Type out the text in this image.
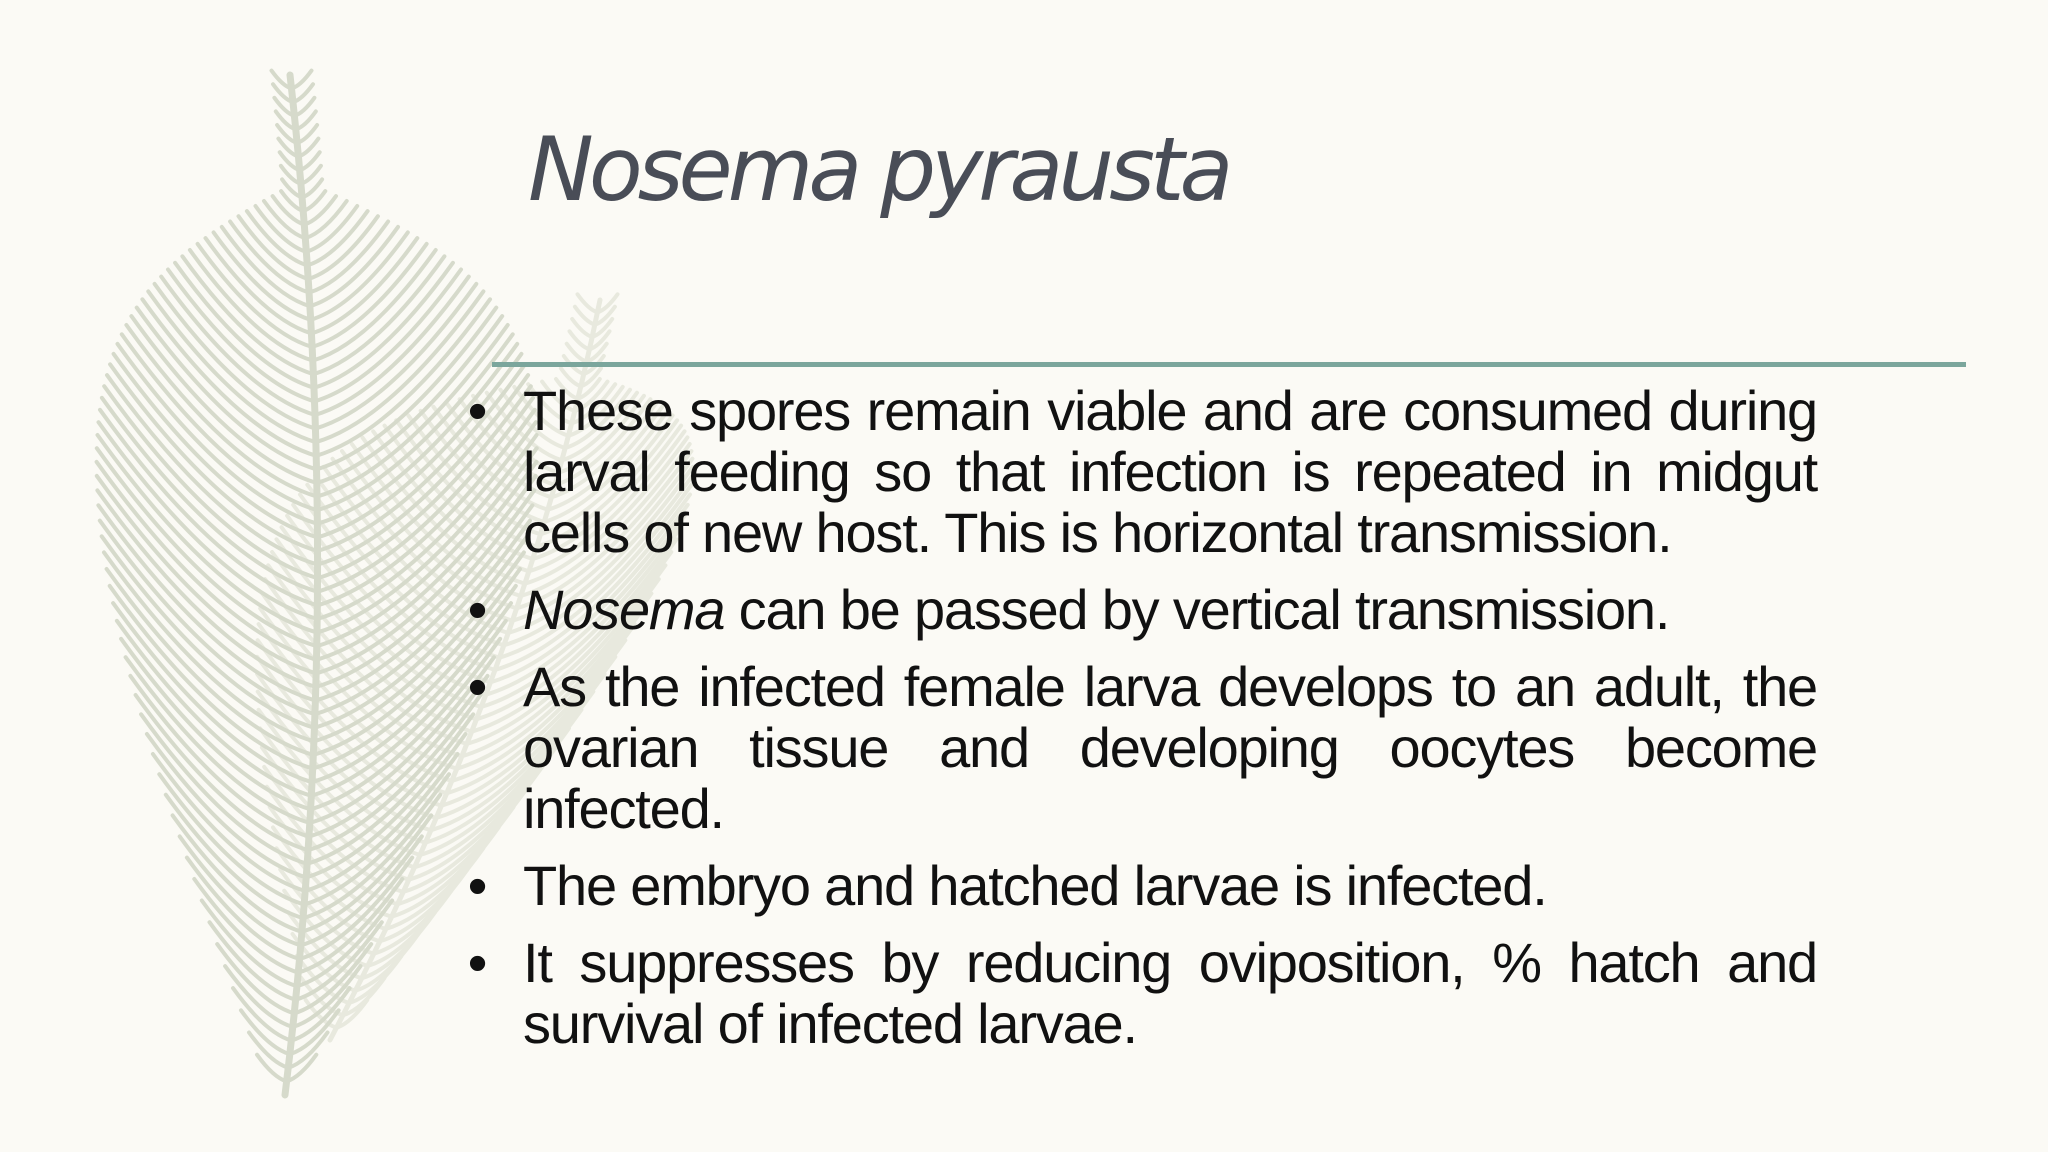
Nosema pyrausta
• These spores remain viable and are consumed during larval feeding so that infection is repeated in midgut cells of new host. This is horizontal transmission.
• Nosema can be passed by vertical transmission.
• As the infected female larva develops to an adult, the ovarian tissue and developing oocytes become infected.
• The embryo and hatched larvae is infected.
• It suppresses by reducing oviposition, % hatch and survival of infected larvae.
